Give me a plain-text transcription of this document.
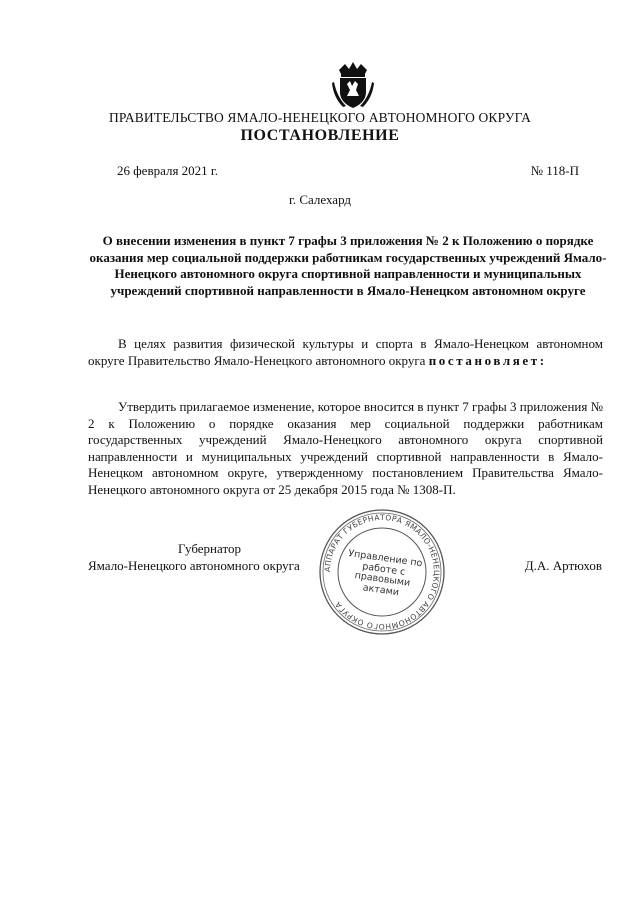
ПРАВИТЕЛЬСТВО ЯМАЛО-НЕНЕЦКОГО АВТОНОМНОГО ОКРУГА
ПОСТАНОВЛЕНИЕ
26 февраля 2021 г.	№ 118-П
г. Салехард
О внесении изменения в пункт 7 графы 3 приложения № 2 к Положению о порядке оказания мер социальной поддержки работникам государственных учреждений Ямало-Ненецкого автономного округа спортивной направленности и муниципальных учреждений спортивной направленности в Ямало-Ненецком автономном округе
В целях развития физической культуры и спорта в Ямало-Ненецком автономном округе Правительство Ямало-Ненецкого автономного округа постановляет:
Утвердить прилагаемое изменение, которое вносится в пункт 7 графы 3 приложения № 2 к Положению о порядке оказания мер социальной поддержки работникам государственных учреждений Ямало-Ненецкого автономного округа спортивной направленности и муниципальных учреждений спортивной направленности в Ямало-Ненецком автономном округе, утвержденному постановлением Правительства Ямало-Ненецкого автономного округа от 25 декабря 2015 года № 1308-П.
Губернатор
Ямало-Ненецкого автономного округа	Д.А. Артюхов
АППАРАТ ГУБЕРНАТОРА ЯМАЛО-НЕНЕЦКОГО АВТОНОМНОГО ОКРУГА
Управление по работе с правовыми актами
